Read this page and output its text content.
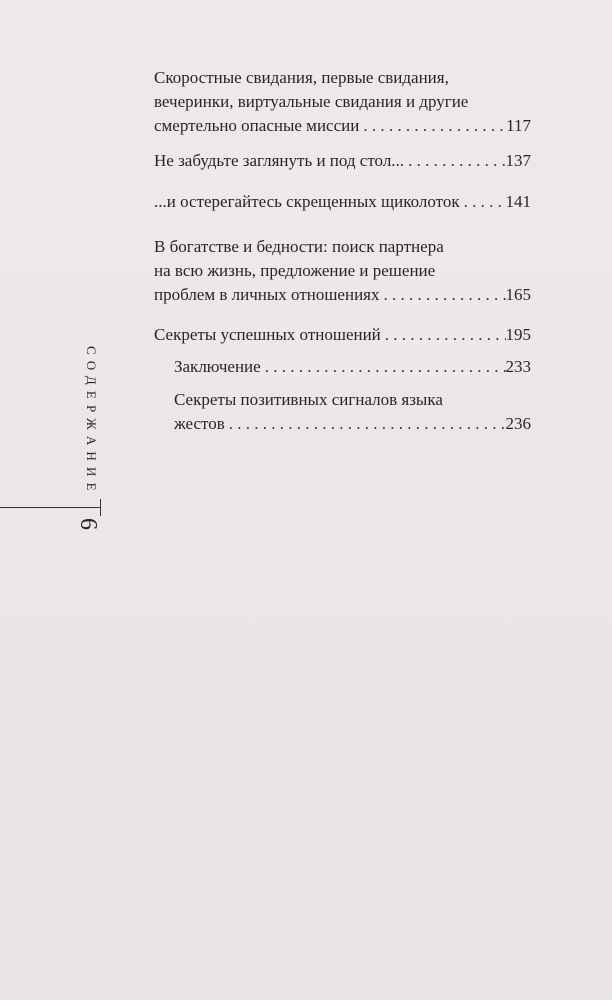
Скоростные свидания, первые свидания,
вечеринки, виртуальные свидания и другие
смертельно опасные миссии . . .	117
Не забудьте заглянуть и под стол... . . .	137
...и остерегайтесь скрещенных щиколоток . . .	141
В богатстве и бедности: поиск партнера
на всю жизнь, предложение и решение
проблем в личных отношениях . . .	165
Секреты успешных отношений . . .	195
Заключение . . .	233
Секреты позитивных сигналов языка
жестов . . .	236
СОДЕРЖАНИЕ
6
